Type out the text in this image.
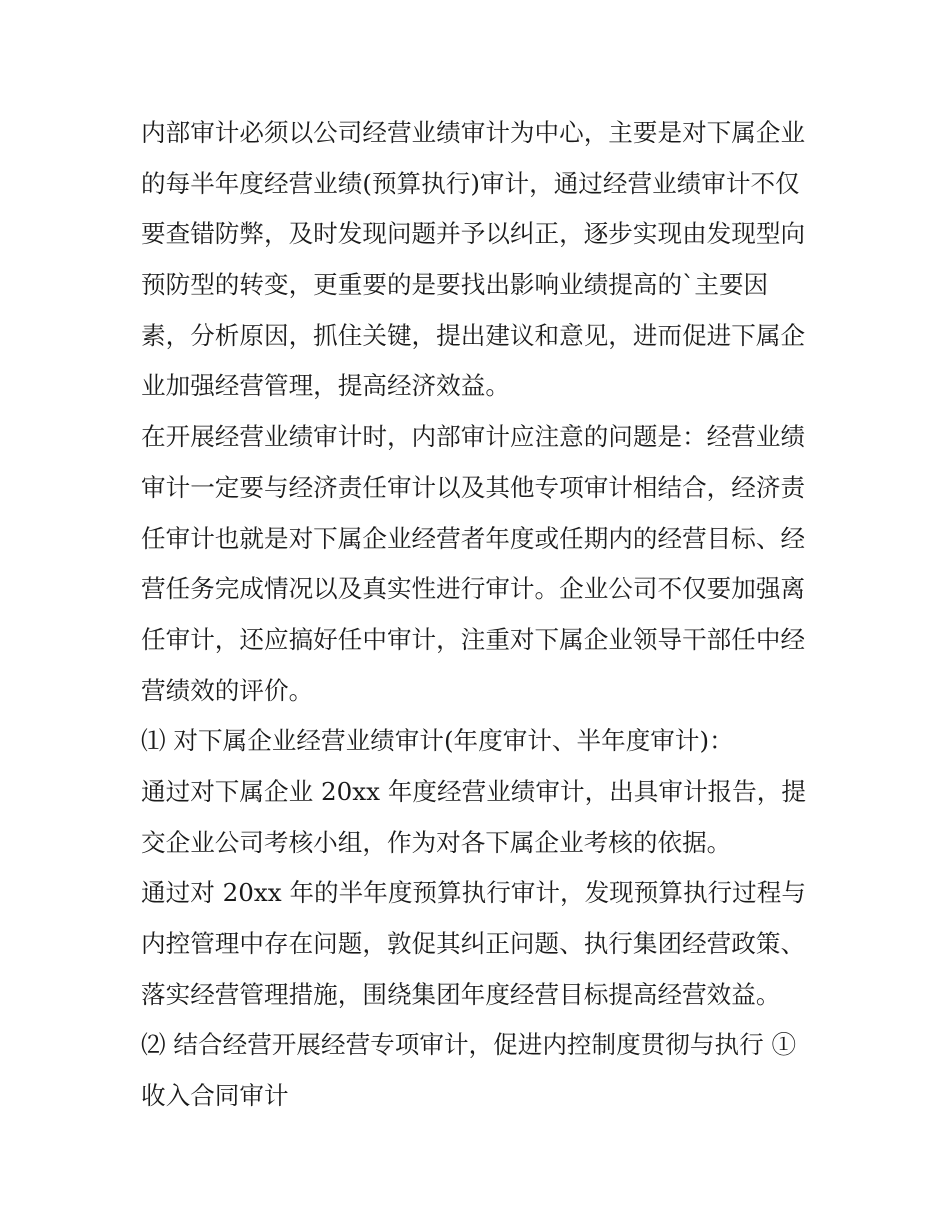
内部审计必须以公司经营业绩审计为中心，主要是对下属企业
的每半年度经营业绩(预算执行)审计，通过经营业绩审计不仅
要查错防弊，及时发现问题并予以纠正，逐步实现由发现型向
预防型的转变，更重要的是要找出影响业绩提高的`主要因
素，分析原因，抓住关键，提出建议和意见，进而促进下属企
业加强经营管理，提高经济效益。
在开展经营业绩审计时，内部审计应注意的问题是：经营业绩
审计一定要与经济责任审计以及其他专项审计相结合，经济责
任审计也就是对下属企业经营者年度或任期内的经营目标、经
营任务完成情况以及真实性进行审计。企业公司不仅要加强离
任审计，还应搞好任中审计，注重对下属企业领导干部任中经
营绩效的评价。
⑴ 对下属企业经营业绩审计(年度审计、半年度审计)：
通过对下属企业 20xx 年度经营业绩审计，出具审计报告，提
交企业公司考核小组，作为对各下属企业考核的依据。
通过对 20xx 年的半年度预算执行审计，发现预算执行过程与
内控管理中存在问题，敦促其纠正问题、执行集团经营政策、
落实经营管理措施，围绕集团年度经营目标提高经营效益。
⑵ 结合经营开展经营专项审计，促进内控制度贯彻与执行 ①
收入合同审计
